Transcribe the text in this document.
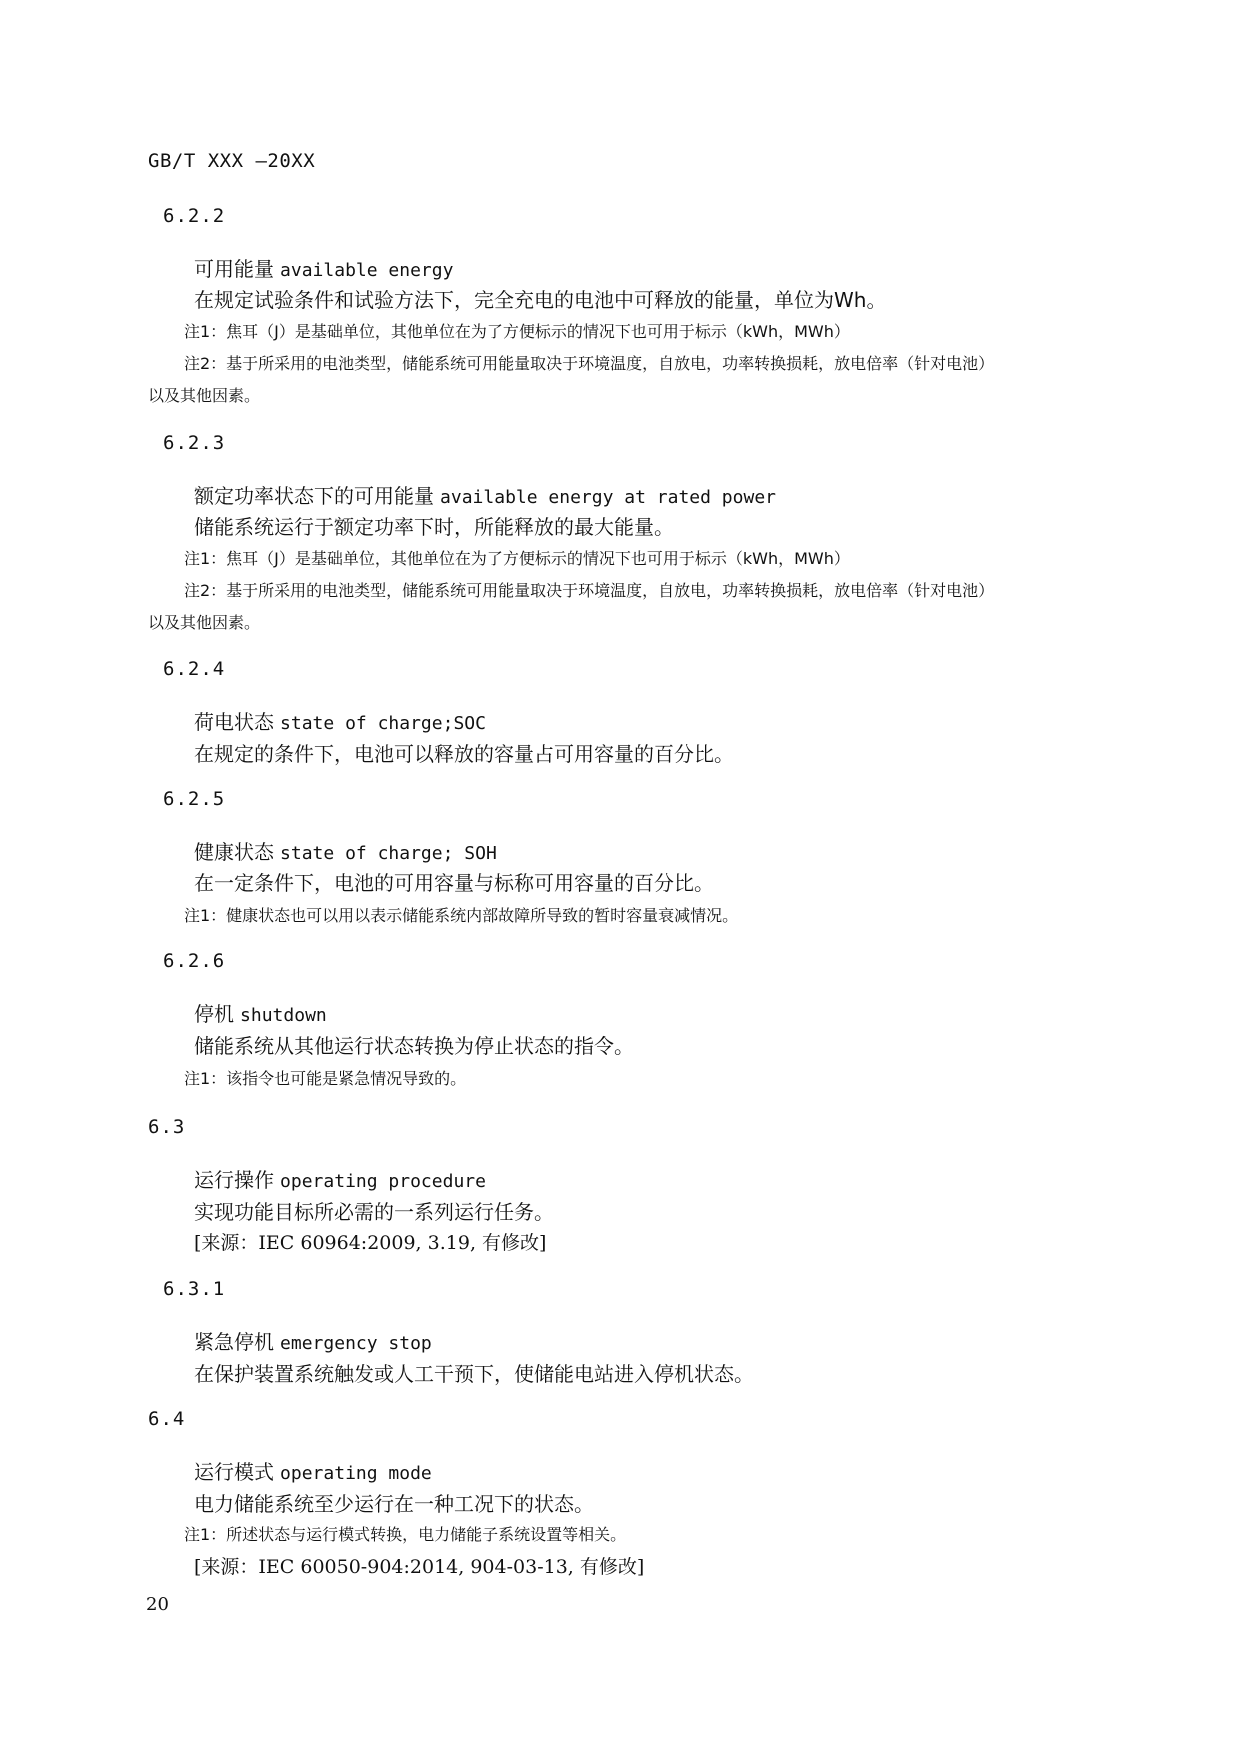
GB/T XXX —20XX
6.2.2
可用能量 available energy
在规定试验条件和试验方法下，完全充电的电池中可释放的能量，单位为Wh。
注1：焦耳（J）是基础单位，其他单位在为了方便标示的情况下也可用于标示（kWh，MWh）
注2：基于所采用的电池类型，储能系统可用能量取决于环境温度，自放电，功率转换损耗，放电倍率（针对电池）
以及其他因素。
6.2.3
额定功率状态下的可用能量 available energy at rated power
储能系统运行于额定功率下时，所能释放的最大能量。
注1：焦耳（J）是基础单位，其他单位在为了方便标示的情况下也可用于标示（kWh，MWh）
注2：基于所采用的电池类型，储能系统可用能量取决于环境温度，自放电，功率转换损耗，放电倍率（针对电池）
以及其他因素。
6.2.4
荷电状态 state of charge;SOC
在规定的条件下，电池可以释放的容量占可用容量的百分比。
6.2.5
健康状态 state of charge; SOH
在一定条件下，电池的可用容量与标称可用容量的百分比。
注1：健康状态也可以用以表示储能系统内部故障所导致的暂时容量衰减情况。
6.2.6
停机 shutdown
储能系统从其他运行状态转换为停止状态的指令。
注1：该指令也可能是紧急情况导致的。
6.3
运行操作 operating procedure
实现功能目标所必需的一系列运行任务。
[来源：IEC 60964:2009, 3.19, 有修改]
6.3.1
紧急停机 emergency stop
在保护装置系统触发或人工干预下，使储能电站进入停机状态。
6.4
运行模式 operating mode
电力储能系统至少运行在一种工况下的状态。
注1：所述状态与运行模式转换，电力储能子系统设置等相关。
[来源：IEC 60050-904:2014, 904-03-13, 有修改]
20
